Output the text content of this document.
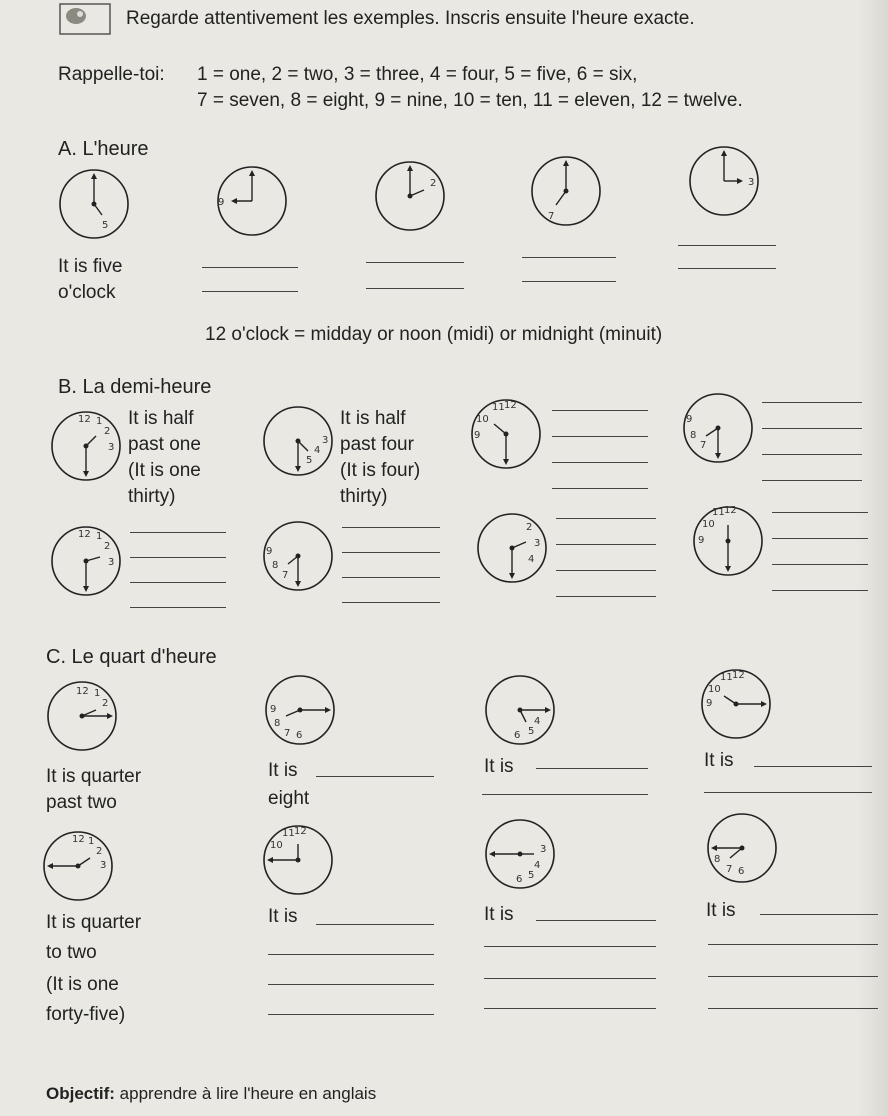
Regarde attentivement les exemples. Inscris ensuite l'heure exacte.
Rappelle-toi: 1 = one, 2 = two, 3 = three, 4 = four, 5 = five, 6 = six,
7 = seven, 8 = eight, 9 = nine, 10 = ten, 11 = eleven, 12 = twelve.
A. L'heure
5
9
2
7
3
It is five
o'clock
12 o'clock = midday or noon (midi) or midnight (minuit)
B. La demi-heure
12 1
2
3
It is half
past one
(It is one
thirty)
3
4
5
It is half
past four
(It is four)
thirty)
11 12
10
9
9
8
7
12 1
2
3
9
8
7
2
3
4
11 12
10
9
C. Le quart d'heure
12 1
2
It is quarter
past two
9
8
7 6
It is
eight
4
6 5
It is
11 12
10
9
It is
12 1
2
3
It is quarter
to two
(It is one
forty-five)
11 12
10
It is
3
6 5
4
It is
8
7 6
It is
Objectif: apprendre à lire l'heure en anglais
